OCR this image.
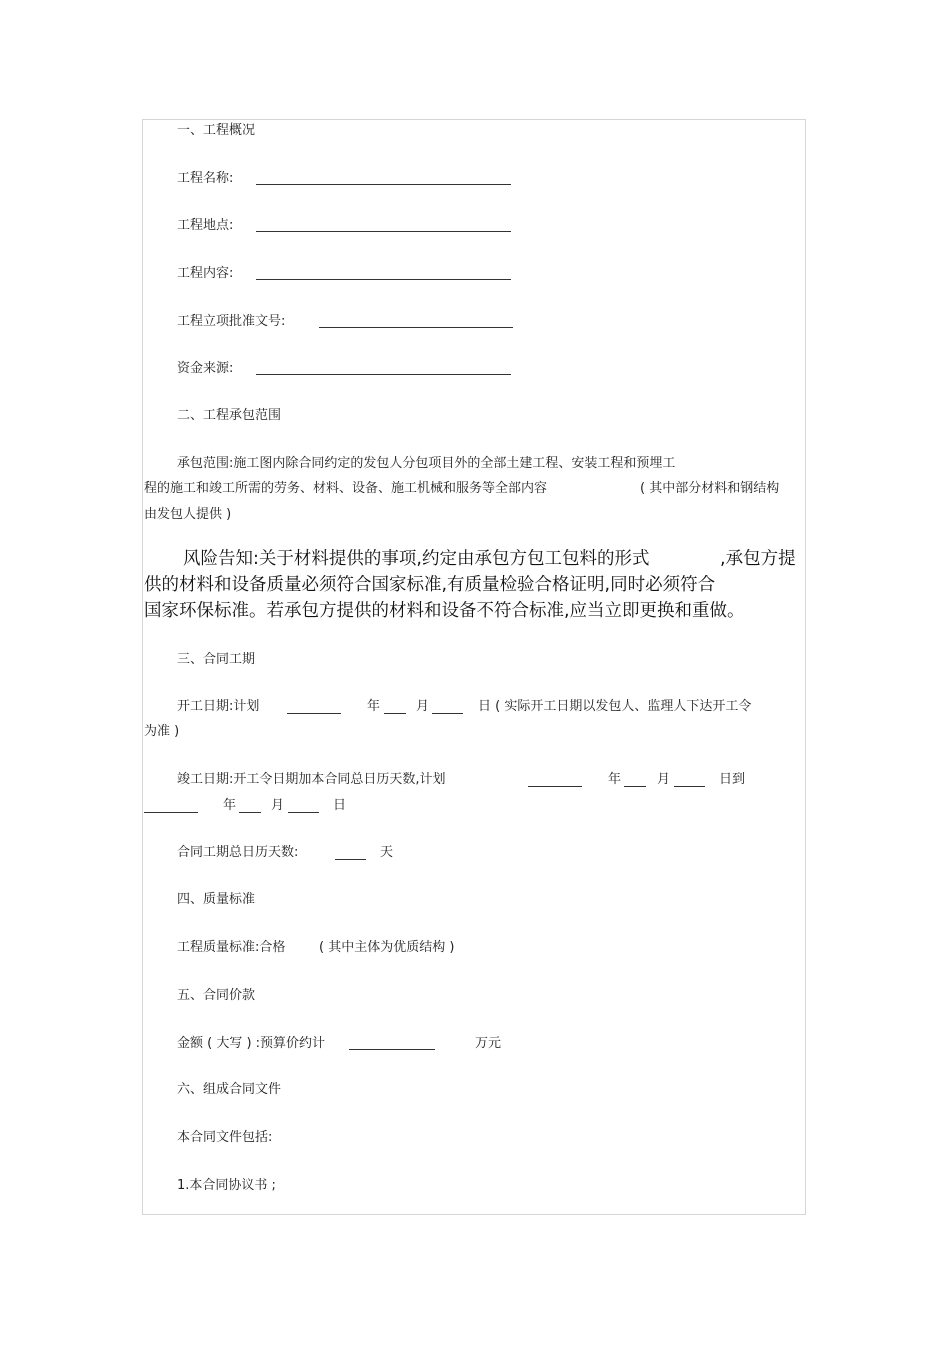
一、工程概况
工程名称:
工程地点:
工程内容:
工程立项批准文号:
资金来源:
二、工程承包范围
承包范围:施工图内除合同约定的发包人分包项目外的全部土建工程、安装工程和预埋工
程的施工和竣工所需的劳务、材料、设备、施工机械和服务等全部内容	( 其中部分材料和钢结构
由发包人提供 )
风险告知:关于材料提供的事项,约定由承包方包工包料的形式	,承包方提
供的材料和设备质量必须符合国家标准,有质量检验合格证明,同时必须符合
国家环保标准。若承包方提供的材料和设备不符合标准,应当立即更换和重做。
三、合同工期
开工日期:计划	年	月	日 ( 实际开工日期以发包人、监理人下达开工令
为准 )
竣工日期:开工令日期加本合同总日历天数,计划	年	月	日到
年	月	日
合同工期总日历天数:	天
四、质量标准
工程质量标准:合格	( 其中主体为优质结构 )
五、合同价款
金额 ( 大写 ) :预算价约计	万元
六、组成合同文件
本合同文件包括:
1.本合同协议书 ;
